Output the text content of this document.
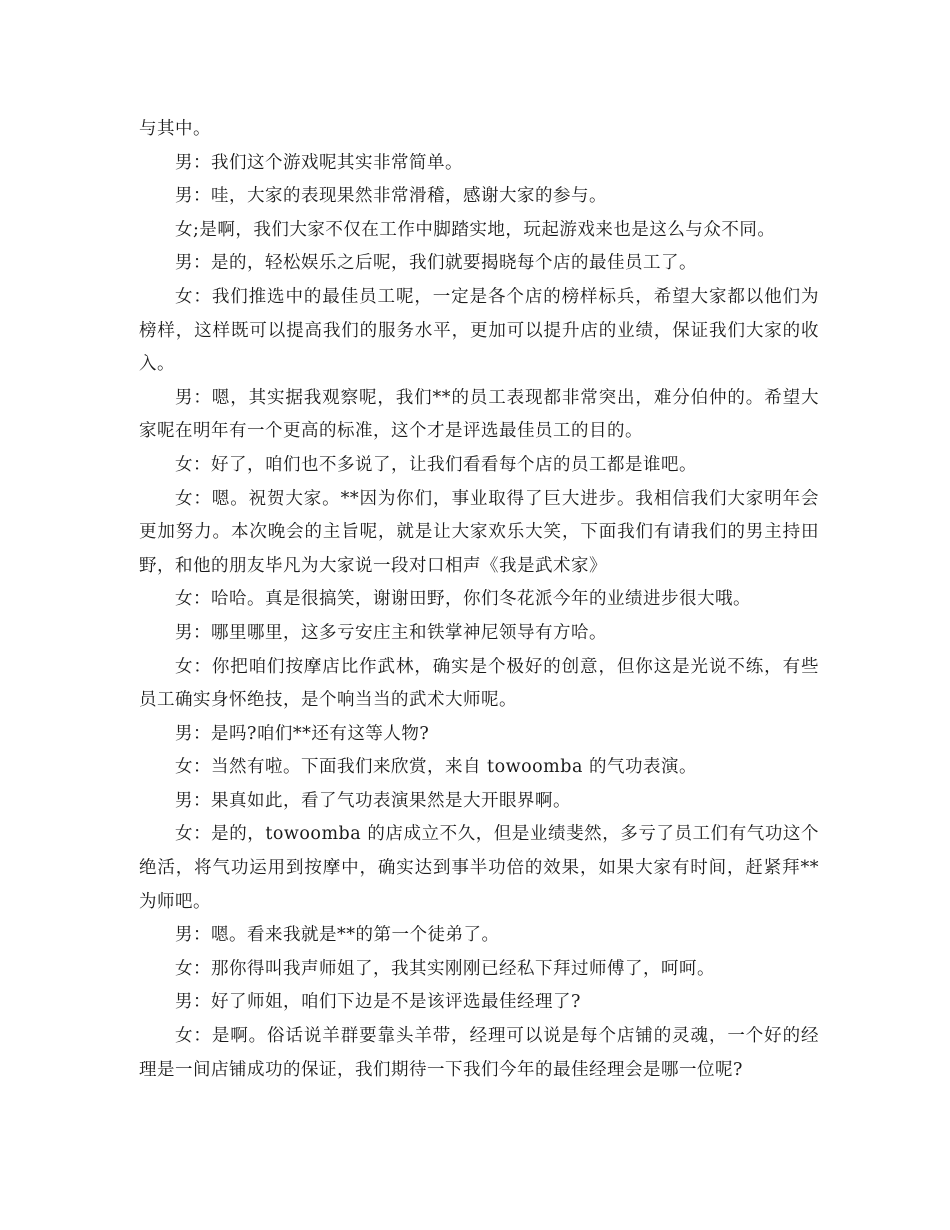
与其中。

男：我们这个游戏呢其实非常简单。

男：哇，大家的表现果然非常滑稽，感谢大家的参与。

女;是啊，我们大家不仅在工作中脚踏实地，玩起游戏来也是这么与众不同。

男：是的，轻松娱乐之后呢，我们就要揭晓每个店的最佳员工了。

女：我们推选中的最佳员工呢，一定是各个店的榜样标兵，希望大家都以他们为榜样，这样既可以提高我们的服务水平，更加可以提升店的业绩，保证我们大家的收入。

男：嗯，其实据我观察呢，我们**的员工表现都非常突出，难分伯仲的。希望大家呢在明年有一个更高的标准，这个才是评选最佳员工的目的。

女：好了，咱们也不多说了，让我们看看每个店的员工都是谁吧。

女：嗯。祝贺大家。**因为你们，事业取得了巨大进步。我相信我们大家明年会更加努力。本次晚会的主旨呢，就是让大家欢乐大笑，下面我们有请我们的男主持田野，和他的朋友毕凡为大家说一段对口相声《我是武术家》

女：哈哈。真是很搞笑，谢谢田野，你们冬花派今年的业绩进步很大哦。

男：哪里哪里，这多亏安庄主和铁掌神尼领导有方哈。

女：你把咱们按摩店比作武林，确实是个极好的创意，但你这是光说不练，有些员工确实身怀绝技，是个响当当的武术大师呢。

男：是吗?咱们**还有这等人物?

女：当然有啦。下面我们来欣赏，来自 towoomba 的气功表演。

男：果真如此，看了气功表演果然是大开眼界啊。

女：是的，towoomba 的店成立不久，但是业绩斐然，多亏了员工们有气功这个绝活，将气功运用到按摩中，确实达到事半功倍的效果，如果大家有时间，赶紧拜**为师吧。

男：嗯。看来我就是**的第一个徒弟了。

女：那你得叫我声师姐了，我其实刚刚已经私下拜过师傅了，呵呵。

男：好了师姐，咱们下边是不是该评选最佳经理了?

女：是啊。俗话说羊群要靠头羊带，经理可以说是每个店铺的灵魂，一个好的经理是一间店铺成功的保证，我们期待一下我们今年的最佳经理会是哪一位呢?
